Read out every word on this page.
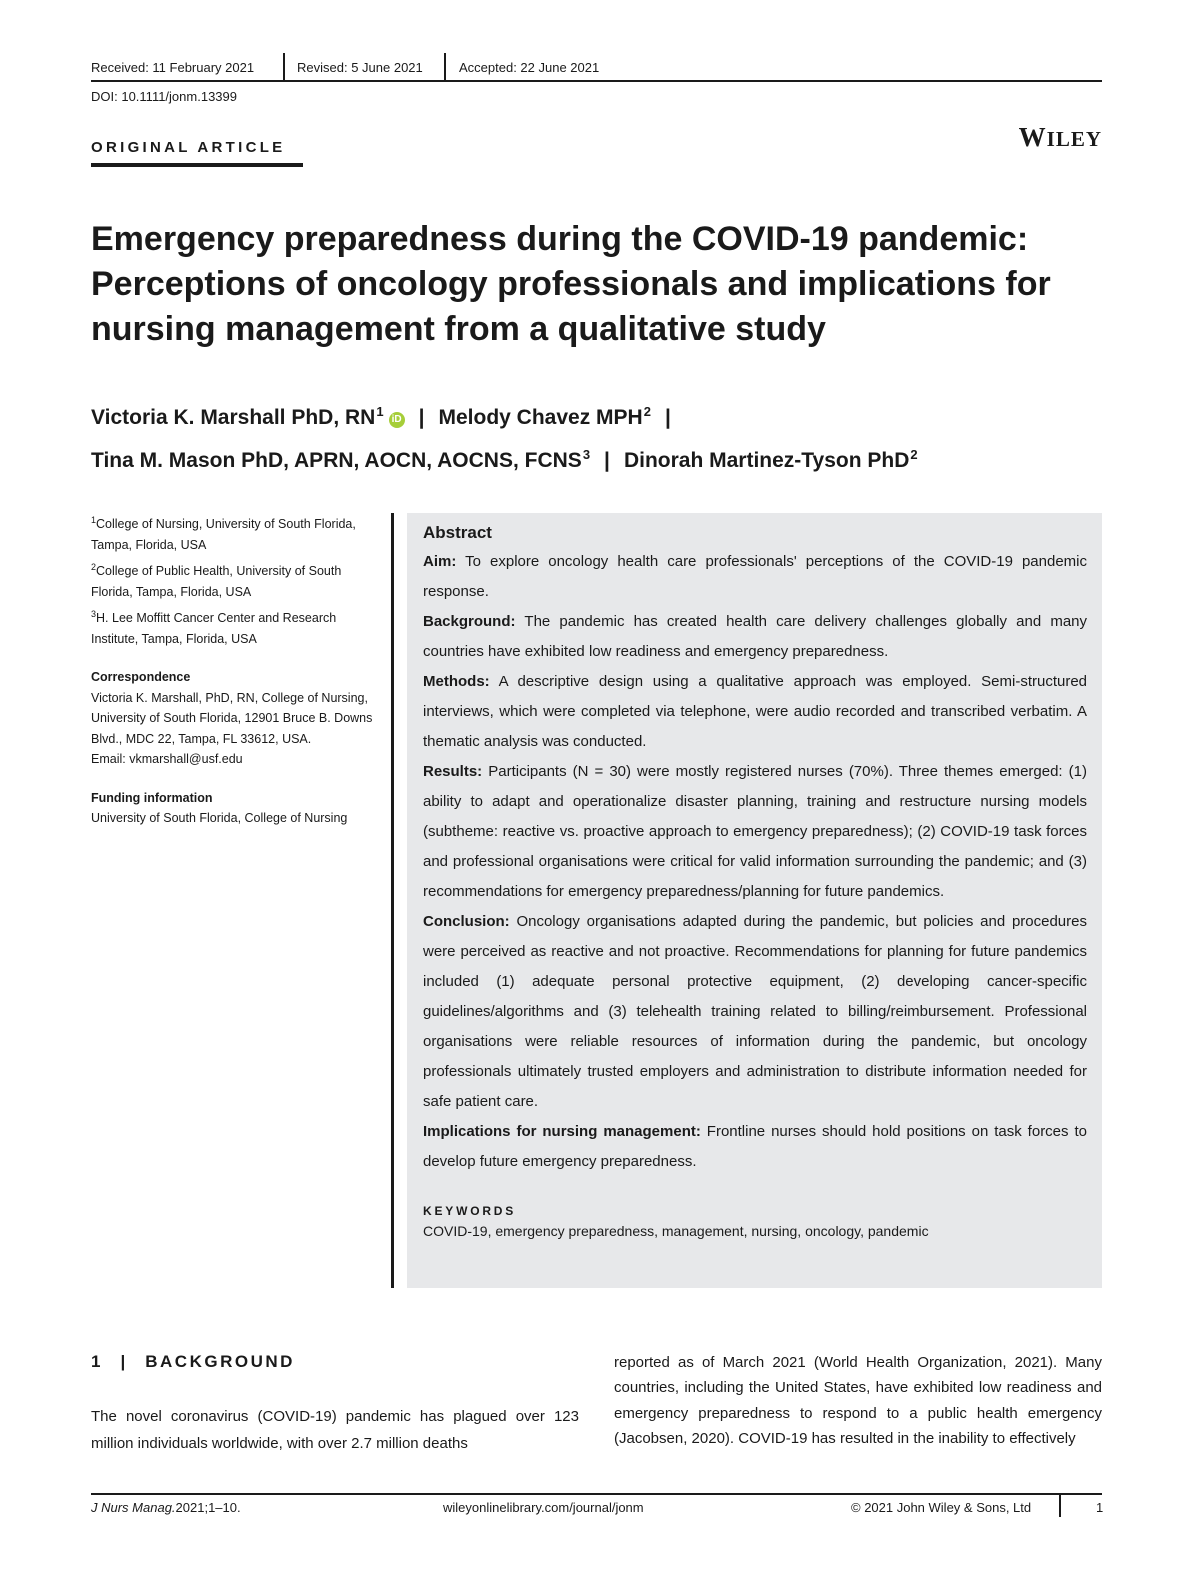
Received: 11 February 2021	Revised: 5 June 2021	Accepted: 22 June 2021
DOI: 10.1111/jonm.13399
ORIGINAL ARTICLE	WILEY
Emergency preparedness during the COVID-19 pandemic: Perceptions of oncology professionals and implications for nursing management from a qualitative study
Victoria K. Marshall PhD, $RN^1iD$ | Melody Chavez MPH$^2$ |
Tina M. Mason PhD, APRN, AOCN, AOCNS, FCNS$^3$ | Dinorah Martinez-Tyson PhD$^2$
$^1$College of Nursing, University of South Florida, Tampa, Florida, USA
$^2$College of Public Health, University of South Florida, Tampa, Florida, USA
$^3$H. Lee Moffitt Cancer Center and Research Institute, Tampa, Florida, USA
Correspondence
Victoria K. Marshall, PhD, RN, College of Nursing, University of South Florida, 12901 Bruce B. Downs Blvd., MDC 22, Tampa, FL 33612, USA.
Email: vkmarshall@usf.edu
Funding information
University of South Florida, College of Nursing
Abstract

Aim: To explore oncology health care professionals' perceptions of the COVID-19 pandemic response.

Background: The pandemic has created health care delivery challenges globally and many countries have exhibited low readiness and emergency preparedness.

Methods: A descriptive design using a qualitative approach was employed. Semi-structured interviews, which were completed via telephone, were audio recorded and transcribed verbatim. A thematic analysis was conducted.

Results: Participants (N = 30) were mostly registered nurses (70%). Three themes emerged: (1) ability to adapt and operationalize disaster planning, training and restructure nursing models (subtheme: reactive vs. proactive approach to emergency preparedness); (2) COVID-19 task forces and professional organisations were critical for valid information surrounding the pandemic; and (3) recommendations for emergency preparedness/planning for future pandemics.

Conclusion: Oncology organisations adapted during the pandemic, but policies and procedures were perceived as reactive and not proactive. Recommendations for planning for future pandemics included (1) adequate personal protective equipment, (2) developing cancer-specific guidelines/algorithms and (3) telehealth training related to billing/reimbursement. Professional organisations were reliable resources of information during the pandemic, but oncology professionals ultimately trusted employers and administration to distribute information needed for safe patient care.

Implications for nursing management: Frontline nurses should hold positions on task forces to develop future emergency preparedness.

KEYWORDS
COVID-19, emergency preparedness, management, nursing, oncology, pandemic
1 | BACKGROUND
The novel coronavirus (COVID-19) pandemic has plagued over 123 million individuals worldwide, with over 2.7 million deaths
reported as of March 2021 (World Health Organization, 2021). Many countries, including the United States, have exhibited low readiness and emergency preparedness to respond to a public health emergency (Jacobsen, 2020). COVID-19 has resulted in the inability to effectively
J Nurs Manag. 2021;1–10.	wileyonlinelibrary.com/journal/jonm	© 2021 John Wiley & Sons, Ltd	1
